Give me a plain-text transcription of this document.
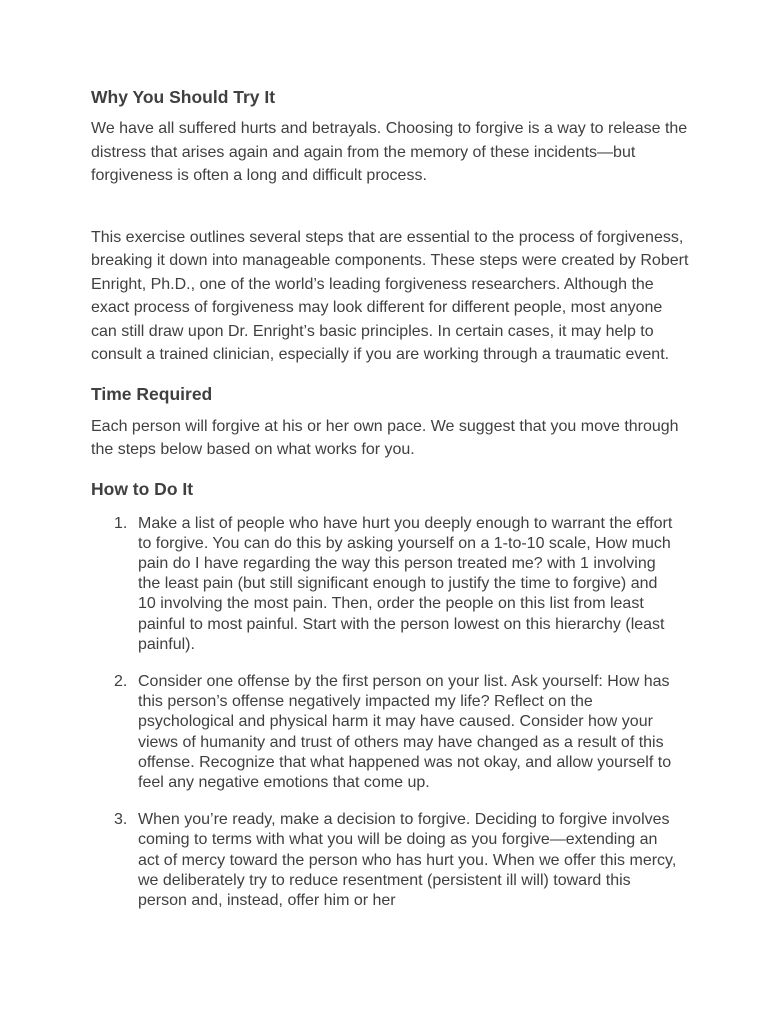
Why You Should Try It

We have all suffered hurts and betrayals. Choosing to forgive is a way to release the distress that arises again and again from the memory of these incidents—but forgiveness is often a long and difficult process.

This exercise outlines several steps that are essential to the process of forgiveness, breaking it down into manageable components. These steps were created by Robert Enright, Ph.D., one of the world’s leading forgiveness researchers. Although the exact process of forgiveness may look different for different people, most anyone can still draw upon Dr. Enright’s basic principles. In certain cases, it may help to consult a trained clinician, especially if you are working through a traumatic event.

Time Required

Each person will forgive at his or her own pace. We suggest that you move through the steps below based on what works for you.

How to Do It
1. Make a list of people who have hurt you deeply enough to warrant the effort to forgive. You can do this by asking yourself on a 1-to-10 scale, How much pain do I have regarding the way this person treated me? with 1 involving the least pain (but still significant enough to justify the time to forgive) and 10 involving the most pain. Then, order the people on this list from least painful to most painful. Start with the person lowest on this hierarchy (least painful).
2. Consider one offense by the first person on your list. Ask yourself: How has this person’s offense negatively impacted my life? Reflect on the psychological and physical harm it may have caused. Consider how your views of humanity and trust of others may have changed as a result of this offense. Recognize that what happened was not okay, and allow yourself to feel any negative emotions that come up.
3. When you’re ready, make a decision to forgive. Deciding to forgive involves coming to terms with what you will be doing as you forgive—extending an act of mercy toward the person who has hurt you. When we offer this mercy, we deliberately try to reduce resentment (persistent ill will) toward this person and, instead, offer him or her
